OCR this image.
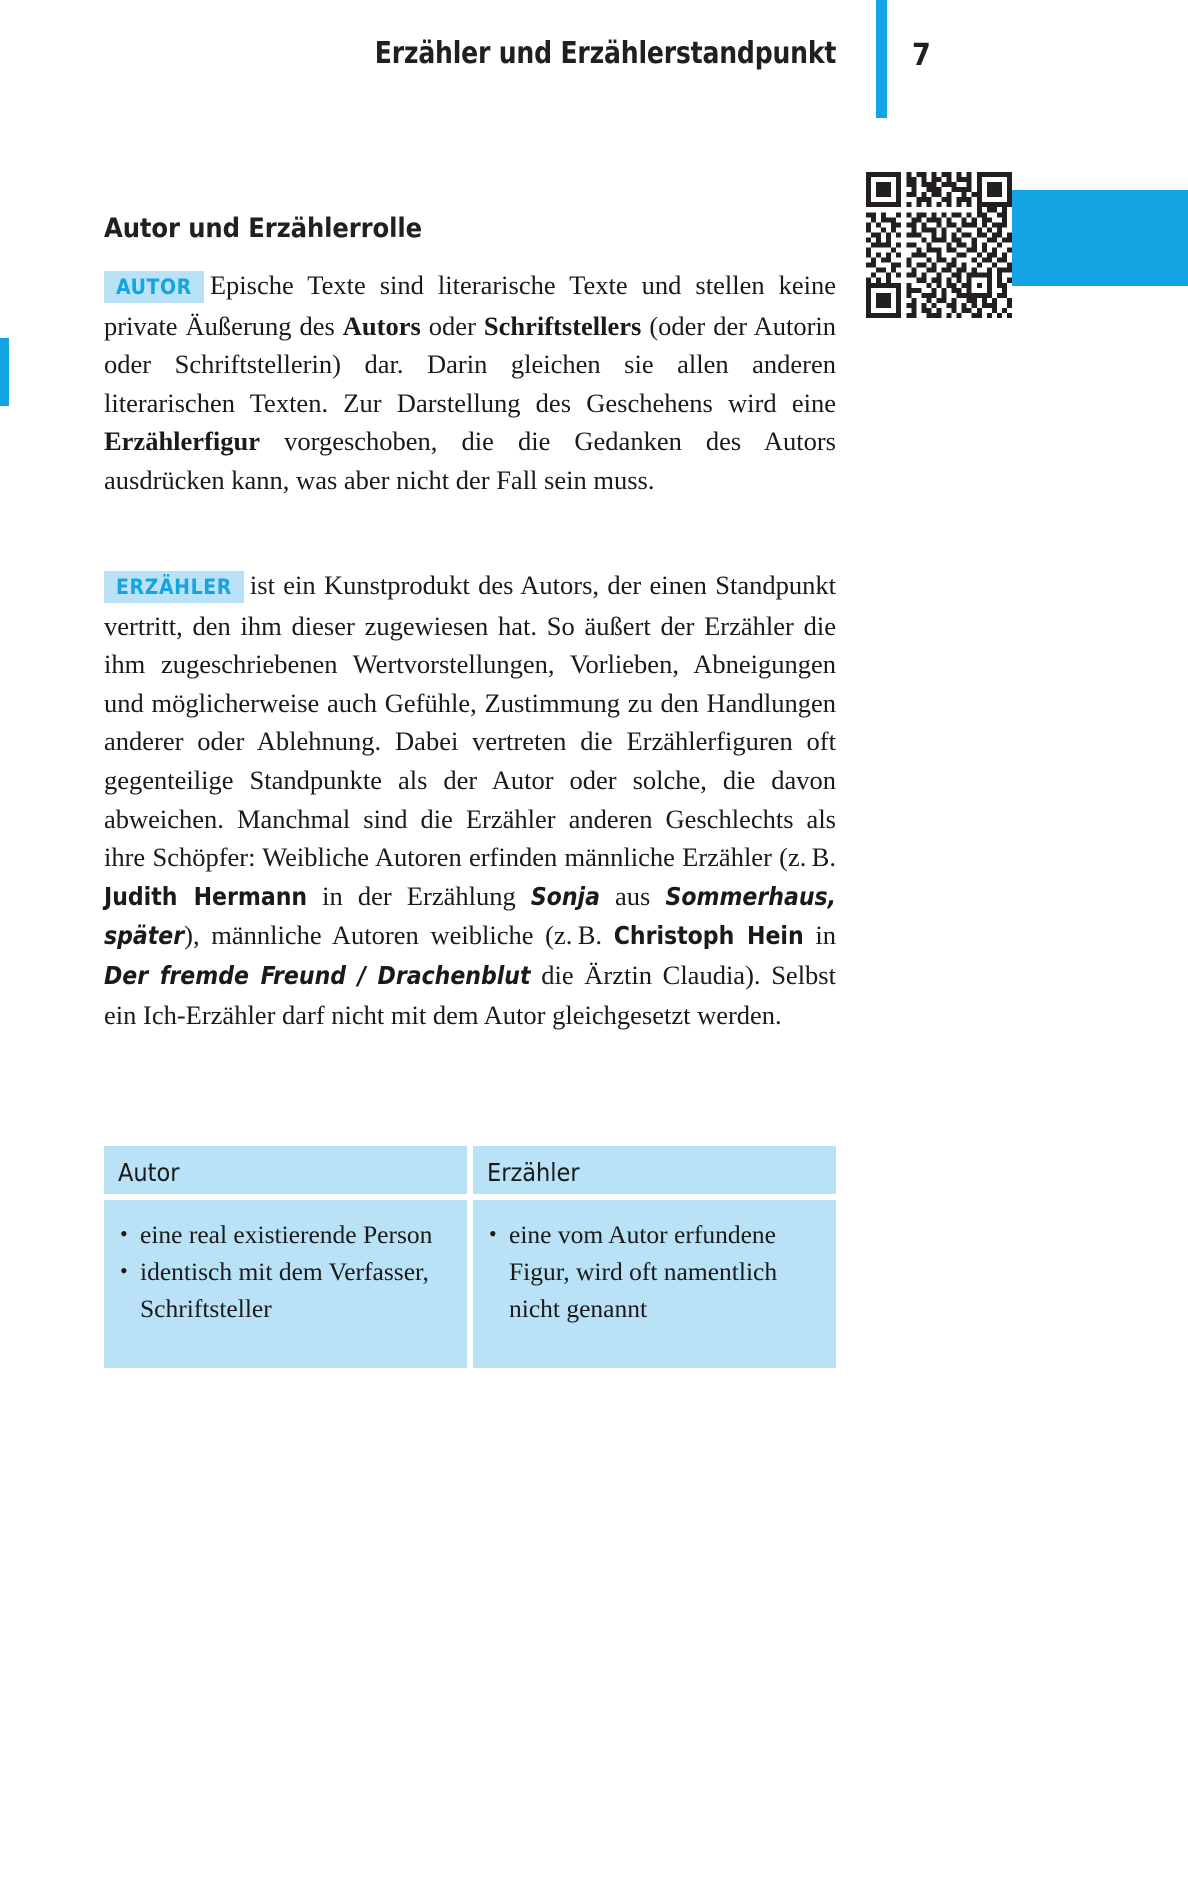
Erzähler und Erzählerstandpunkt	7
Autor und Erzählerrolle

AUTOR Epische Texte sind literarische Texte und stellen keine private Äußerung des Autors oder Schriftstellers (oder der Autorin oder Schriftstellerin) dar. Darin gleichen sie allen anderen literarischen Texten. Zur Darstellung des Geschehens wird eine Erzählerfigur vorgeschoben, die die Gedanken des Autors ausdrücken kann, was aber nicht der Fall sein muss.

ERZÄHLER ist ein Kunstprodukt des Autors, der einen Standpunkt vertritt, den ihm dieser zugewiesen hat. So äußert der Erzähler die ihm zugeschriebenen Wertvorstellungen, Vorlieben, Abneigungen und möglicherweise auch Gefühle, Zustimmung zu den Handlungen anderer oder Ablehnung. Dabei vertreten die Erzählerfiguren oft gegenteilige Standpunkte als der Autor oder solche, die davon abweichen. Manchmal sind die Erzähler anderen Geschlechts als ihre Schöpfer: Weibliche Autoren erfinden männliche Erzähler (z. B. Judith Hermann in der Erzählung Sonja aus Sommerhaus, später), männliche Autoren weibliche (z. B. Christoph Hein in Der fremde Freund / Drachenblut die Ärztin Claudia). Selbst ein Ich-Erzähler darf nicht mit dem Autor gleichgesetzt werden.

Autor
• eine real existierende Person
• identisch mit dem Verfasser, Schriftsteller
Erzähler
• eine vom Autor erfundene Figur, wird oft namentlich nicht genannt
